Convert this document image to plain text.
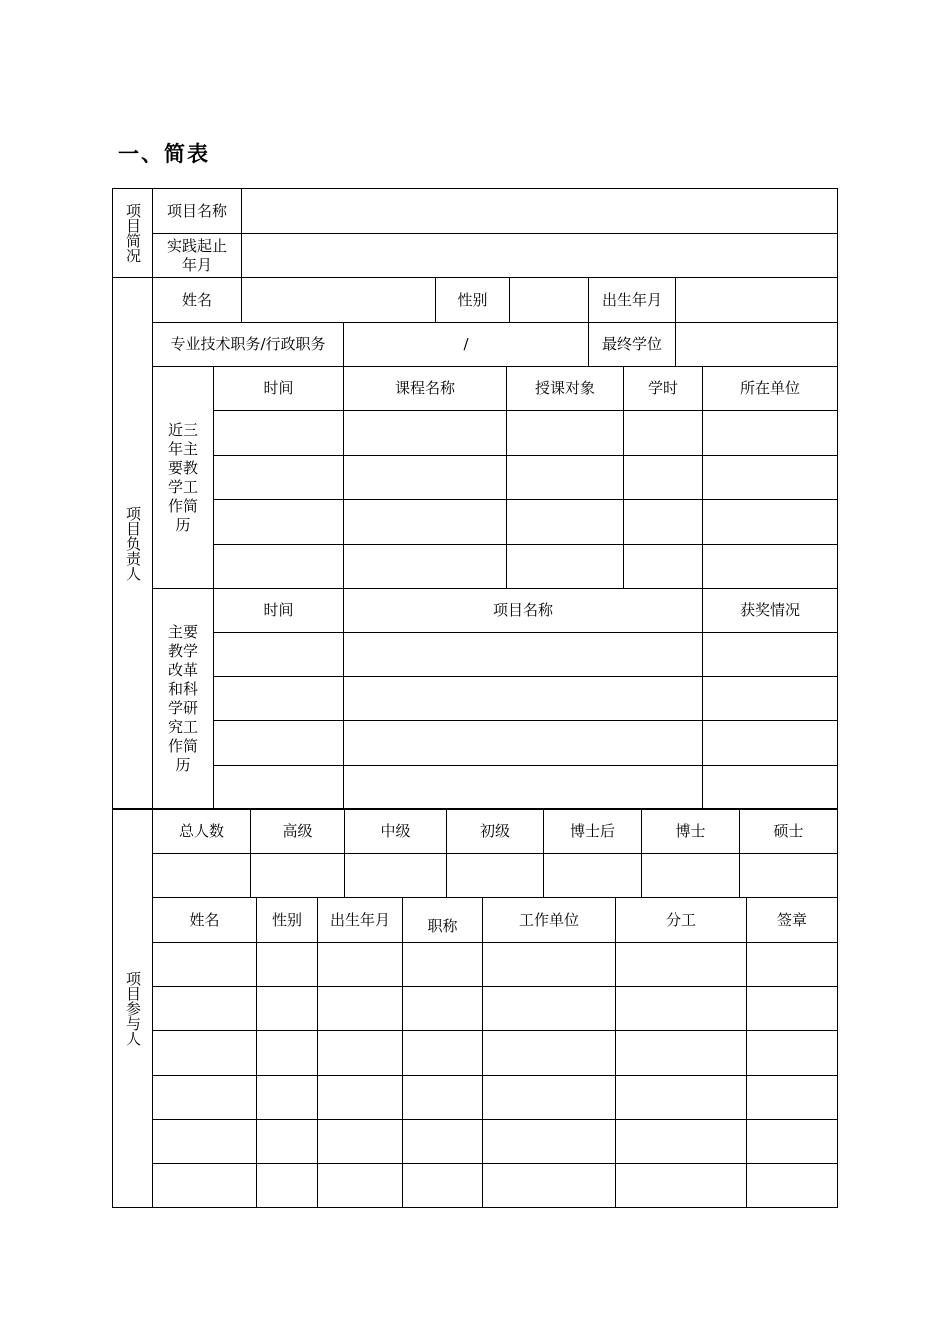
一、简表
项目简况	项目名称
实践起止年月
项目负责人
姓名	性别	出生年月
专业技术职务/行政职务	/	最终学位
近三年主要教学工作简历
时间	课程名称	授课对象	学时	所在单位
主要教学改革和科学研究工作简历
时间	项目名称	获奖情况
项目参与人
总人数	高级	中级	初级	博士后	博士	硕士
姓名	性别	出生年月	职称	工作单位	分工	签章
